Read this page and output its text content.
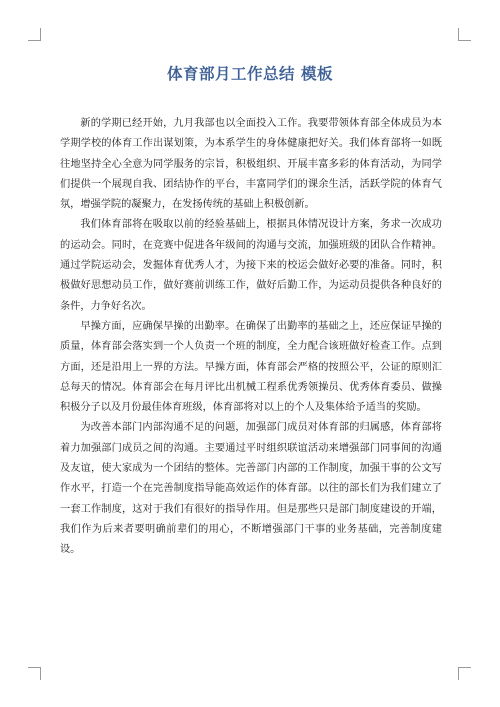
体育部月工作总结 模板

新的学期已经开始，九月我部也以全面投入工作。我要带领体育部全体成员为本学期学校的体育工作出谋划策，为本系学生的身体健康把好关。我们体育部将一如既往地坚持全心全意为同学服务的宗旨，积极组织、开展丰富多彩的体育活动，为同学们提供一个展现自我、团结协作的平台，丰富同学们的课余生活，活跃学院的体育气氛，增强学院的凝聚力，在发扬传统的基础上积极创新。

我们体育部将在吸取以前的经验基础上，根据具体情况设计方案，务求一次成功的运动会。同时，在竞赛中促进各年级间的沟通与交流，加强班级的团队合作精神。通过学院运动会，发掘体育优秀人才，为接下来的校运会做好必要的准备。同时，积极做好思想动员工作，做好赛前训练工作，做好后勤工作，为运动员提供各种良好的条件，力争好名次。

早操方面，应确保早操的出勤率。在确保了出勤率的基础之上，还应保证早操的质量，体育部会落实到一个人负责一个班的制度，全力配合该班做好检查工作。点到方面，还是沿用上一界的方法。早操方面，体育部会严格的按照公平，公证的原则汇总每天的情况。体育部会在每月评比出机械工程系优秀领操员、优秀体育委员、做操积极分子以及月份最佳体育班级，体育部将对以上的个人及集体给予适当的奖励。

为改善本部门内部沟通不足的问题，加强部门成员对体育部的归属感，体育部将着力加强部门成员之间的沟通。主要通过平时组织联谊活动来增强部门同事间的沟通及友谊，使大家成为一个团结的整体。完善部门内部的工作制度，加强干事的公文写作水平，打造一个在完善制度指导能高效运作的体育部。以往的部长们为我们建立了一套工作制度，这对于我们有很好的指导作用。但是那些只是部门制度建设的开端，我们作为后来者要明确前辈们的用心，不断增强部门干事的业务基础，完善制度建设。
